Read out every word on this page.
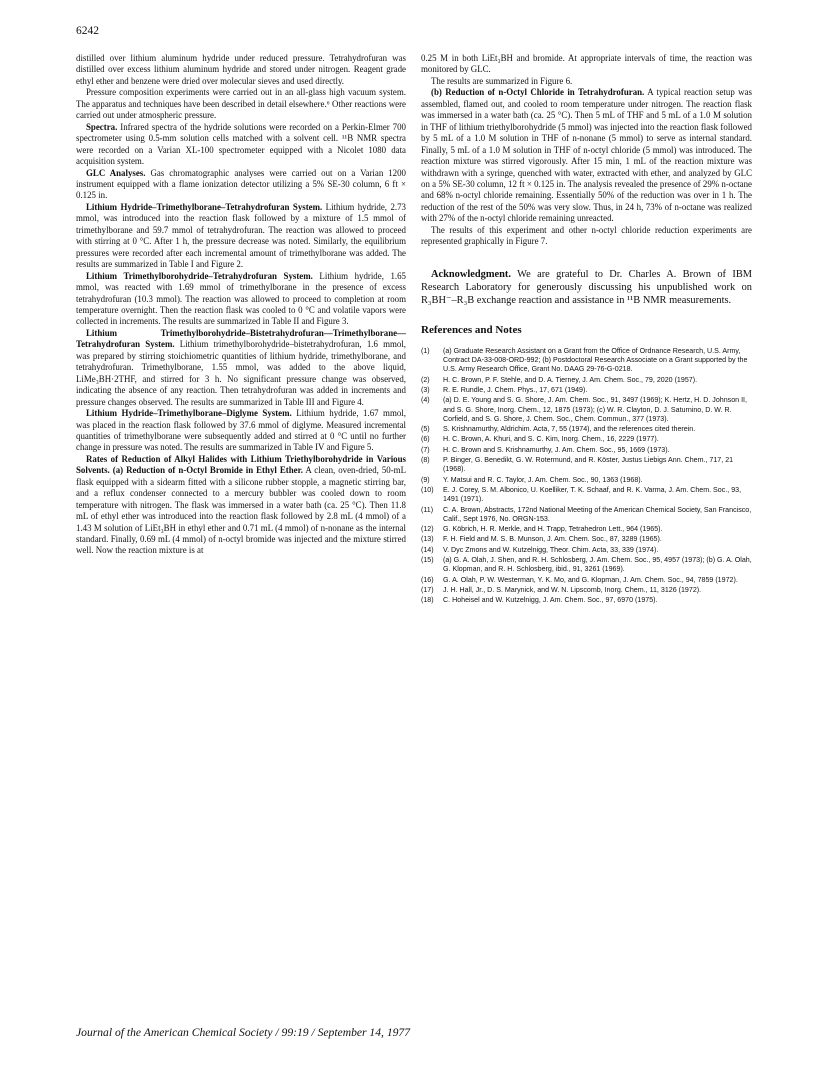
6242

distilled over lithium aluminum hydride under reduced pressure. Tetrahydrofuran was distilled over excess lithium aluminum hydride and stored under nitrogen. Reagent grade ethyl ether and benzene were dried over molecular sieves and used directly.

Pressure composition experiments were carried out in an all-glass high vacuum system. The apparatus and techniques have been described in detail elsewhere.⁶ Other reactions were carried out under atmospheric pressure.

Spectra. Infrared spectra of the hydride solutions were recorded on a Perkin-Elmer 700 spectrometer using 0.5-mm solution cells matched with a solvent cell. ¹¹B NMR spectra were recorded on a Varian XL-100 spectrometer equipped with a Nicolet 1080 data acquisition system.

GLC Analyses. Gas chromatographic analyses were carried out on a Varian 1200 instrument equipped with a flame ionization detector utilizing a 5% SE-30 column, 6 ft × 0.125 in.

Lithium Hydride–Trimethylborane–Tetrahydrofuran System. Lithium hydride, 2.73 mmol, was introduced into the reaction flask followed by a mixture of 1.5 mmol of trimethylborane and 59.7 mmol of tetrahydrofuran. The reaction was allowed to proceed with stirring at 0 °C. After 1 h, the pressure decrease was noted. Similarly, the equilibrium pressures were recorded after each incremental amount of trimethylborane was added. The results are summarized in Table I and Figure 2.

Lithium Trimethylborohydride–Tetrahydrofuran System. Lithium hydride, 1.65 mmol, was reacted with 1.69 mmol of trimethylborane in the presence of excess tetrahydrofuran (10.3 mmol). The reaction was allowed to proceed to completion at room temperature overnight. Then the reaction flask was cooled to 0 °C and volatile vapors were collected in increments. The results are summarized in Table II and Figure 3.

Lithium Trimethylborohydride–Bistetrahydrofuran—Trimethylborane—Tetrahydrofuran System. Lithium trimethylborohydride–bistetrahydrofuran, 1.6 mmol, was prepared by stirring stoichiometric quantities of lithium hydride, trimethylborane, and tetrahydrofuran. Trimethylborane, 1.55 mmol, was added to the above liquid, LiMe₃BH·2THF, and stirred for 3 h. No significant pressure change was observed, indicating the absence of any reaction. Then tetrahydrofuran was added in increments and pressure changes observed. The results are summarized in Table III and Figure 4.

Lithium Hydride–Trimethylborane–Diglyme System. Lithium hydride, 1.67 mmol, was placed in the reaction flask followed by 37.6 mmol of diglyme. Measured incremental quantities of trimethylborane were subsequently added and stirred at 0 °C until no further change in pressure was noted. The results are summarized in Table IV and Figure 5.

Rates of Reduction of Alkyl Halides with Lithium Triethylborohydride in Various Solvents. (a) Reduction of n-Octyl Bromide in Ethyl Ether. A clean, oven-dried, 50-mL flask equipped with a sidearm fitted with a silicone rubber stopple, a magnetic stirring bar, and a reflux condenser connected to a mercury bubbler was cooled down to room temperature with nitrogen. The flask was immersed in a water bath (ca. 25 °C). Then 11.8 mL of ethyl ether was introduced into the reaction flask followed by 2.8 mL (4 mmol) of a 1.43 M solution of LiEt₃BH in ethyl ether and 0.71 mL (4 mmol) of n-nonane as the internal standard. Finally, 0.69 mL (4 mmol) of n-octyl bromide was injected and the mixture stirred well. Now the reaction mixture is at

0.25 M in both LiEt₃BH and bromide. At appropriate intervals of time, the reaction was monitored by GLC.

The results are summarized in Figure 6.

(b) Reduction of n-Octyl Chloride in Tetrahydrofuran. A typical reaction setup was assembled, flamed out, and cooled to room temperature under nitrogen. The reaction flask was immersed in a water bath (ca. 25 °C). Then 5 mL of THF and 5 mL of a 1.0 M solution in THF of lithium triethylborohydride (5 mmol) was injected into the reaction flask followed by 5 mL of a 1.0 M solution in THF of n-nonane (5 mmol) to serve as internal standard. Finally, 5 mL of a 1.0 M solution in THF of n-octyl chloride (5 mmol) was introduced. The reaction mixture was stirred vigorously. After 15 min, 1 mL of the reaction mixture was withdrawn with a syringe, quenched with water, extracted with ether, and analyzed by GLC on a 5% SE-30 column, 12 ft × 0.125 in. The analysis revealed the presence of 29% n-octane and 68% n-octyl chloride remaining. Essentially 50% of the reduction was over in 1 h. The reduction of the rest of the 50% was very slow. Thus, in 24 h, 73% of n-octane was realized with 27% of the n-octyl chloride remaining unreacted.

The results of this experiment and other n-octyl chloride reduction experiments are represented graphically in Figure 7.

Acknowledgment. We are grateful to Dr. Charles A. Brown of IBM Research Laboratory for generously discussing his unpublished work on R₃BH⁻–R₃B exchange reaction and assistance in ¹¹B NMR measurements.

References and Notes
(1)	(a) Graduate Research Assistant on a Grant from the Office of Ordnance Research, U.S. Army, Contract DA-33-008-ORD-992; (b) Postdoctoral Research Associate on a Grant supported by the U.S. Army Research Office, Grant No. DAAG 29-76-G-0218.
(2)	H. C. Brown, P. F. Stehle, and D. A. Tierney, J. Am. Chem. Soc., 79, 2020 (1957).
(3)	R. E. Rundle, J. Chem. Phys., 17, 671 (1949).
(4)	(a) D. E. Young and S. G. Shore, J. Am. Chem. Soc., 91, 3497 (1969); K. Hertz, H. D. Johnson II, and S. G. Shore, Inorg. Chem., 12, 1875 (1973); (c) W. R. Clayton, D. J. Saturnino, D. W. R. Corfield, and S. G. Shore, J. Chem. Soc., Chem. Commun., 377 (1973).
(5)	S. Krishnamurthy, Aldrichim. Acta, 7, 55 (1974), and the references cited therein.
(6)	H. C. Brown, A. Khuri, and S. C. Kim, Inorg. Chem., 16, 2229 (1977).
(7)	H. C. Brown and S. Krishnamurthy, J. Am. Chem. Soc., 95, 1669 (1973).
(8)	P. Binger, G. Benedikt, G. W. Rotermund, and R. Köster, Justus Liebigs Ann. Chem., 717, 21 (1968).
(9)	Y. Matsui and R. C. Taylor, J. Am. Chem. Soc., 90, 1363 (1968).
(10)	E. J. Corey, S. M. Albonico, U. Koelliker, T. K. Schaaf, and R. K. Varma, J. Am. Chem. Soc., 93, 1491 (1971).
(11)	C. A. Brown, Abstracts, 172nd National Meeting of the American Chemical Society, San Francisco, Calif., Sept 1976, No. ORGN-153.
(12)	G. Köbrich, H. R. Merkle, and H. Trapp, Tetrahedron Lett., 964 (1965).
(13)	F. H. Field and M. S. B. Munson, J. Am. Chem. Soc., 87, 3289 (1965).
(14)	V. Dyc Zmons and W. Kutzelnigg, Theor. Chim. Acta, 33, 339 (1974).
(15)	(a) G. A. Olah, J. Shen, and R. H. Schlosberg, J. Am. Chem. Soc., 95, 4957 (1973); (b) G. A. Olah, G. Klopman, and R. H. Schlosberg, ibid., 91, 3261 (1969).
(16)	G. A. Olah, P. W. Westerman, Y. K. Mo, and G. Klopman, J. Am. Chem. Soc., 94, 7859 (1972).
(17)	J. H. Hall, Jr., D. S. Marynick, and W. N. Lipscomb, Inorg. Chem., 11, 3126 (1972).
(18)	C. Hoheisel and W. Kutzelnigg, J. Am. Chem. Soc., 97, 6970 (1975).
Journal of the American Chemical Society / 99:19 / September 14, 1977
